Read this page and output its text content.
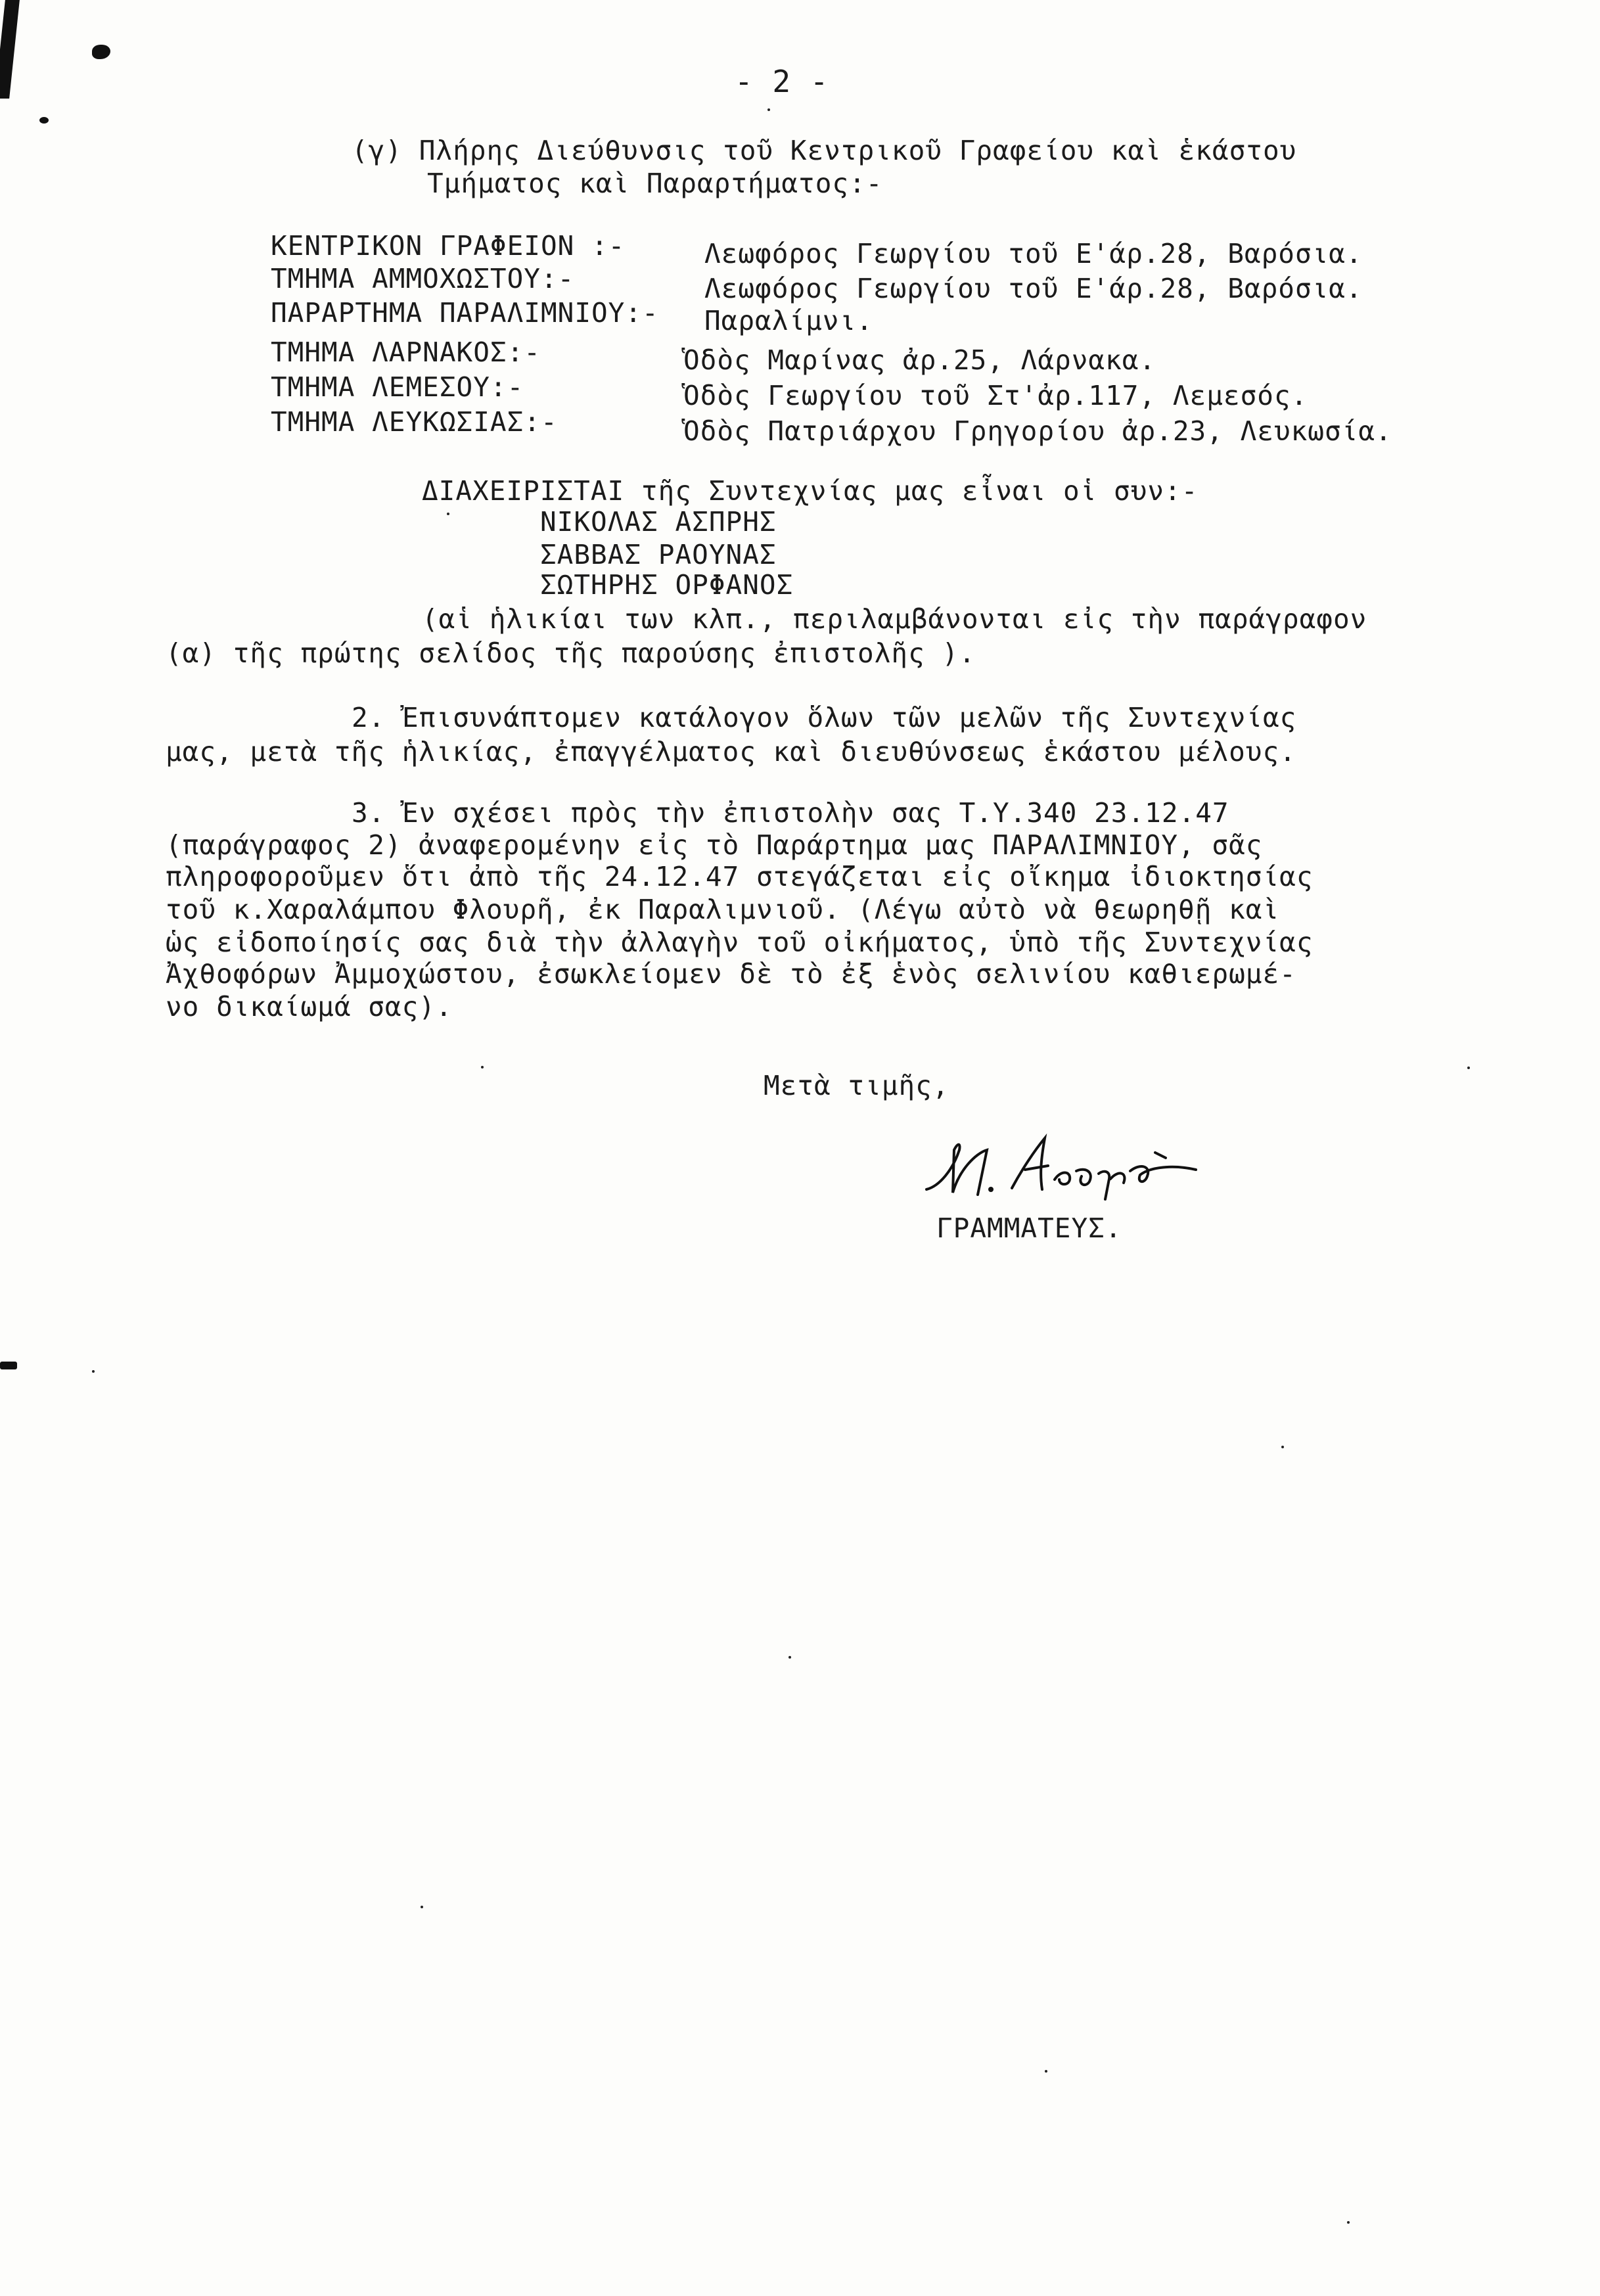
- 2 -
(γ) Πλήρης Διεύθυνσις τοῦ Κεντρικοῦ Γραφείου καὶ ἑκάστου
Τμήματος καὶ Παραρτήματος:-
ΚΕΝΤΡΙΚΟΝ ΓΡΑΦΕΙΟΝ :-	Λεωφόρος Γεωργίου τοῦ Ε'άρ.28, Βαρόσια.
ΤΜΗΜΑ ΑΜΜΟΧΩΣΤΟΥ:-	Λεωφόρος Γεωργίου τοῦ Ε'άρ.28, Βαρόσια.
ΠΑΡΑΡΤΗΜΑ ΠΑΡΑΛΙΜΝΙΟΥ:- Παραλίμνι.
ΤΜΗΜΑ ΛΑΡΝΑΚΟΣ:-	Ὁδὸς Μαρίνας ἀρ.25, Λάρνακα.
ΤΜΗΜΑ ΛΕΜΕΣΟΥ:-	Ὁδὸς Γεωργίου τοῦ Στ'ἀρ.117, Λεμεσός.
ΤΜΗΜΑ ΛΕΥΚΩΣΙΑΣ:-	Ὁδὸς Πατριάρχου Γρηγορίου ἀρ.23, Λευκωσία.
ΔΙΑΧΕΙΡΙΣΤΑΙ τῆς Συντεχνίας μας εἶναι οἱ συν:-
ΝΙΚΟΛΑΣ ΑΣΠΡΗΣ
ΣΑΒΒΑΣ ΡΑΟΥΝΑΣ
ΣΩΤΗΡΗΣ ΟΡΦΑΝΟΣ
(αἱ ἡλικίαι των κλπ., περιλαμβάνονται εἰς τὴν παράγραφον
(α) τῆς πρώτης σελίδος τῆς παρούσης ἐπιστολῆς ).
2. Ἐπισυνάπτομεν κατάλογον ὅλων τῶν μελῶν τῆς Συντεχνίας
μας, μετὰ τῆς ἡλικίας, ἐπαγγέλματος καὶ διευθύνσεως ἑκάστου μέλους.
3. Ἐν σχέσει πρὸς τὴν ἐπιστολὴν σας Τ.Υ.340 23.12.47
(παράγραφος 2) ἀναφερομένην εἰς τὸ Παράρτημα μας ΠΑΡΑΛΙΜΝΙΟΥ, σᾶς
πληροφοροῦμεν ὅτι ἀπὸ τῆς 24.12.47 στεγάζεται εἰς οἴκημα ἰδιοκτησίας
τοῦ κ.Χαραλάμπου Φλουρῆ, ἐκ Παραλιμνιοῦ. (Λέγω αὐτὸ νὰ θεωρηθῇ καὶ
ὡς εἰδοποίησίς σας διὰ τὴν ἀλλαγὴν τοῦ οἰκήματος, ὑπὸ τῆς Συντεχνίας
Ἀχθοφόρων Ἀμμοχώστου, ἐσωκλείομεν δὲ τὸ ἐξ ἑνὸς σελινίου καθιερωμέ-
νο δικαίωμά σας).
Μετὰ τιμῆς,
ΓΡΑΜΜΑΤΕΥΣ.
